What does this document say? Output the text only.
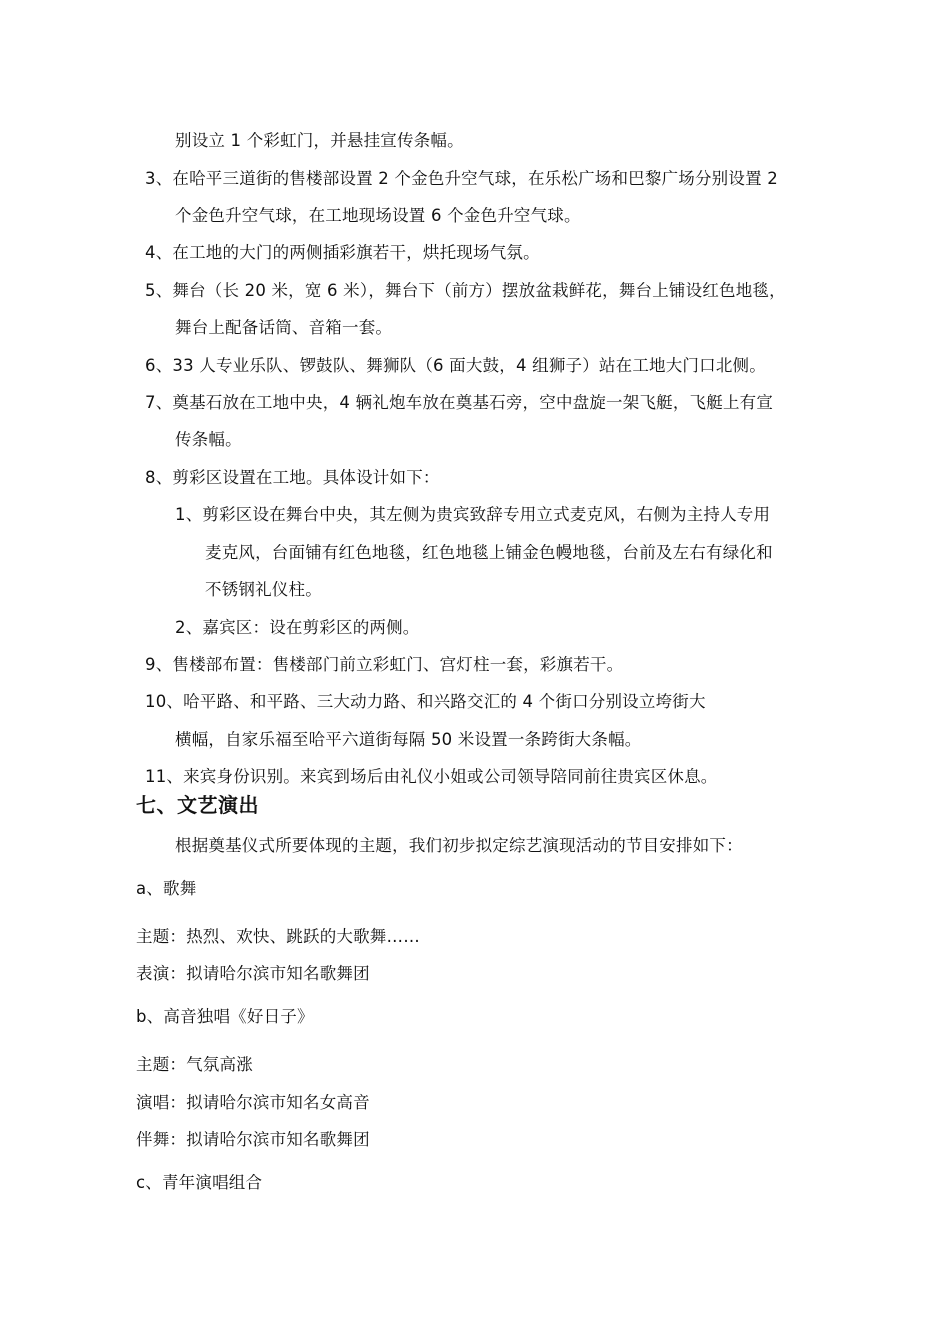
别设立 1 个彩虹门，并悬挂宣传条幅。

3、在哈平三道街的售楼部设置 2 个金色升空气球，在乐松广场和巴黎广场分别设置 2

个金色升空气球，在工地现场设置 6 个金色升空气球。

4、在工地的大门的两侧插彩旗若干，烘托现场气氛。

5、舞台（长 20 米，宽 6 米），舞台下（前方）摆放盆栽鲜花，舞台上铺设红色地毯，

舞台上配备话筒、音箱一套。

6、33 人专业乐队、锣鼓队、舞狮队（6 面大鼓，4 组狮子）站在工地大门口北侧。

7、奠基石放在工地中央，4 辆礼炮车放在奠基石旁，空中盘旋一架飞艇，飞艇上有宣

传条幅。

8、剪彩区设置在工地。具体设计如下：

1、剪彩区设在舞台中央，其左侧为贵宾致辞专用立式麦克风，右侧为主持人专用

麦克风，台面铺有红色地毯，红色地毯上铺金色幔地毯，台前及左右有绿化和

不锈钢礼仪柱。

2、嘉宾区：设在剪彩区的两侧。

9、售楼部布置：售楼部门前立彩虹门、宫灯柱一套，彩旗若干。

10、哈平路、和平路、三大动力路、和兴路交汇的 4 个街口分别设立垮街大

横幅，自家乐福至哈平六道街每隔 50 米设置一条跨街大条幅。

11、来宾身份识别。来宾到场后由礼仪小姐或公司领导陪同前往贵宾区休息。

七、文艺演出

根据奠基仪式所要体现的主题，我们初步拟定综艺演现活动的节目安排如下：

a、歌舞

主题：热烈、欢快、跳跃的大歌舞……

表演：拟请哈尔滨市知名歌舞团

b、高音独唱《好日子》

主题：气氛高涨

演唱：拟请哈尔滨市知名女高音

伴舞：拟请哈尔滨市知名歌舞团

c、青年演唱组合
